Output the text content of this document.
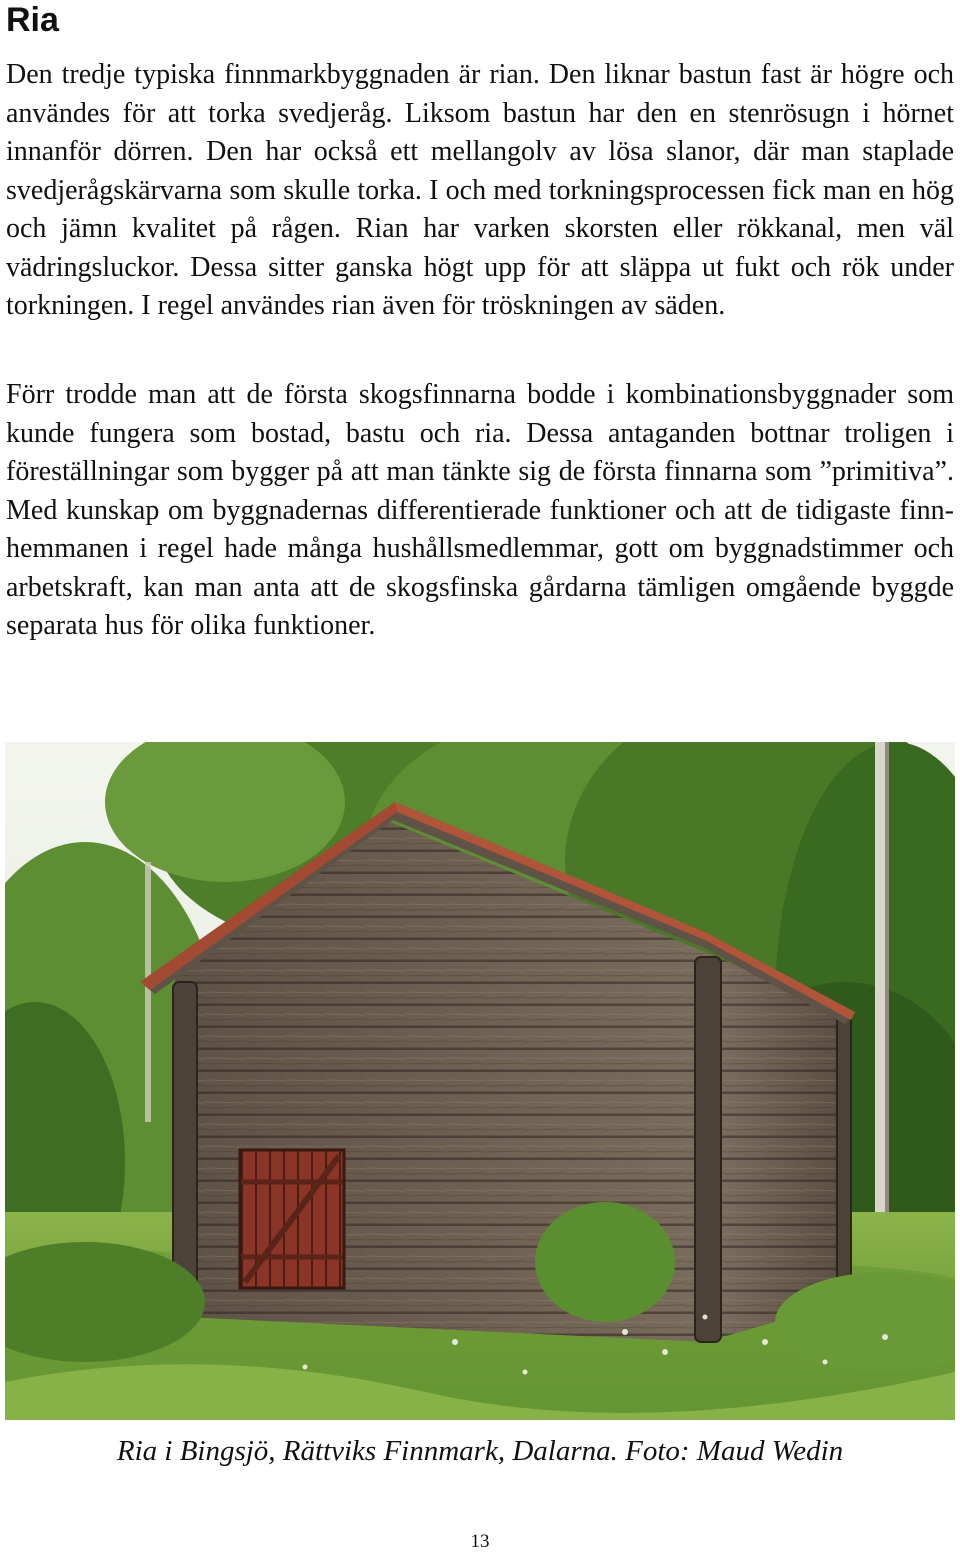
Ria

Den tredje typiska finnmarkbyggnaden är rian. Den liknar bastun fast är högre och användes för att torka svedjeråg. Liksom bastun har den en stenrösugn i hörnet innanför dörren. Den har också ett mellangolv av lösa slanor, där man staplade svedjerågskärvarna som skulle torka. I och med torkningsprocessen fick man en hög och jämn kvalitet på rågen. Rian har varken skorsten eller rökkanal, men väl vädringsluckor. Dessa sitter ganska högt upp för att släppa ut fukt och rök under torkningen. I regel användes rian även för tröskningen av säden.

Förr trodde man att de första skogsfinnarna bodde i kombinationsbyggnader som kunde fungera som bostad, bastu och ria. Dessa antaganden bottnar troligen i föreställningar som bygger på att man tänkte sig de första finnarna som ”primitiva”. Med kunskap om byggnadernas differentierade funktioner och att de tidigaste finnhemmanen i regel hade många hushållsmedlemmar, gott om byggnadstimmer och arbetskraft, kan man anta att de skogsfinska gårdarna tämligen omgående byggde separata hus för olika funktioner.

Ria i Bingsjö, Rättviks Finnmark, Dalarna. Foto: Maud Wedin

13
